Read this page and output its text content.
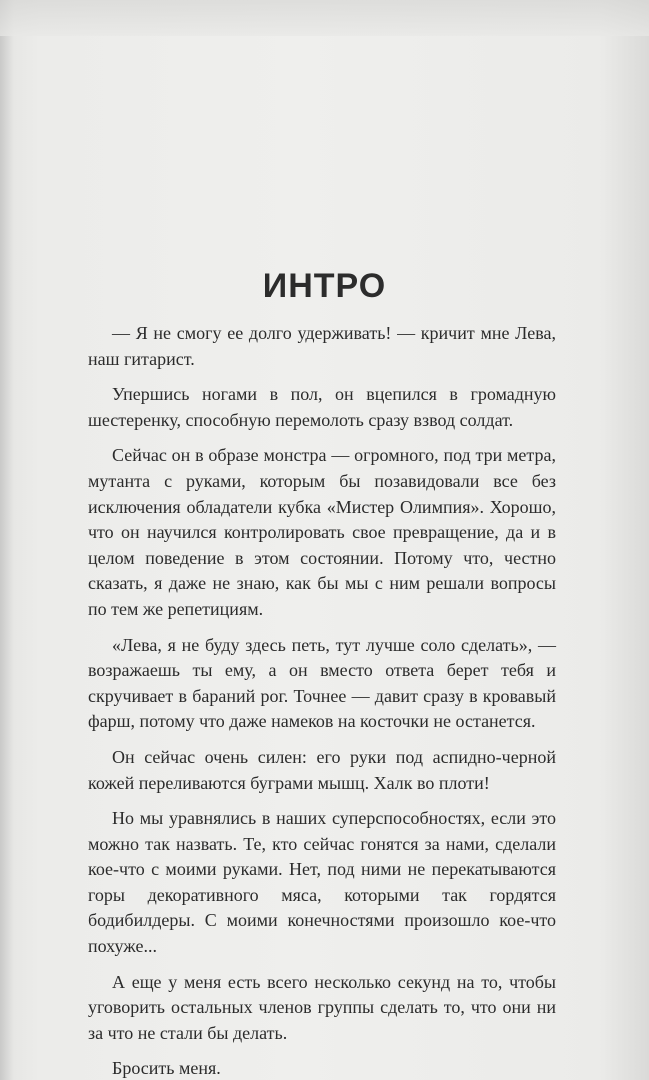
ИНТРО

— Я не смогу ее долго удерживать! — кричит мне Лева, наш гитарист.

Упершись ногами в пол, он вцепился в громадную шестеренку, способную перемолоть сразу взвод солдат.

Сейчас он в образе монстра — огромного, под три метра, мутанта с руками, которым бы позавидовали все без исключения обладатели кубка «Мистер Олимпия». Хорошо, что он научился контролировать свое превращение, да и в целом поведение в этом состоянии. Потому что, честно сказать, я даже не знаю, как бы мы с ним решали вопросы по тем же репетициям.

«Лева, я не буду здесь петь, тут лучше соло сделать», — возражаешь ты ему, а он вместо ответа берет тебя и скручивает в бараний рог. Точнее — давит сразу в кровавый фарш, потому что даже намеков на косточки не останется.

Он сейчас очень силен: его руки под аспидно-черной кожей переливаются буграми мышц. Халк во плоти!

Но мы уравнялись в наших суперспособностях, если это можно так назвать. Те, кто сейчас гонятся за нами, сделали кое-что с моими руками. Нет, под ними не перекатываются горы декоративного мяса, которыми так гордятся бодибилдеры. С моими конечностями произошло кое-что похуже...

А еще у меня есть всего несколько секунд на то, чтобы уговорить остальных членов группы сделать то, что они ни за что не стали бы делать.

Бросить меня.
